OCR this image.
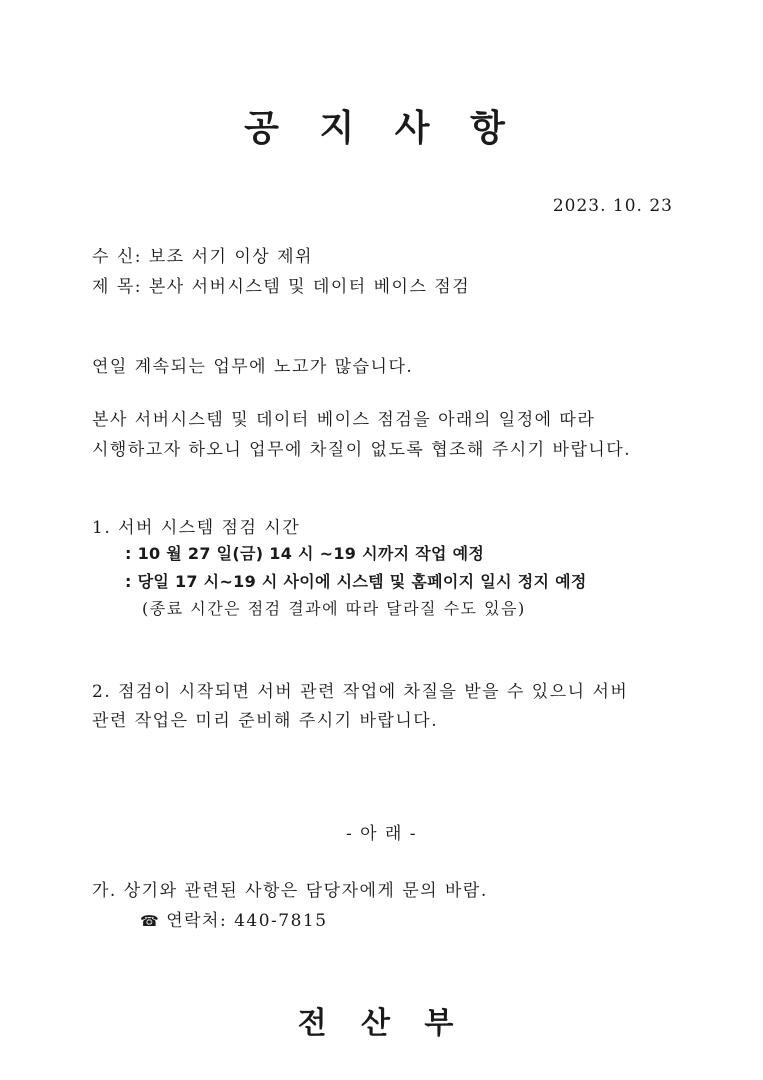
공 지 사 항
2023. 10. 23
수 신: 보조 서기 이상 제위
제 목: 본사 서버시스템 및 데이터 베이스 점검
연일 계속되는 업무에 노고가 많습니다.
본사 서버시스템 및 데이터 베이스 점검을 아래의 일정에 따라
시행하고자 하오니 업무에 차질이 없도록 협조해 주시기 바랍니다.
1. 서버 시스템 점검 시간
: 10 월 27 일(금) 14 시 ~19 시까지 작업 예정
: 당일 17 시~19 시 사이에 시스템 및 홈페이지 일시 정지 예정
(종료 시간은 점검 결과에 따라 달라질 수도 있음)
2. 점검이 시작되면 서버 관련 작업에 차질을 받을 수 있으니 서버
관련 작업은 미리 준비해 주시기 바랍니다.
- 아 래 -
가. 상기와 관련된 사항은 담당자에게 문의 바람.
☎ 연락처: 440-7815
전 산 부
